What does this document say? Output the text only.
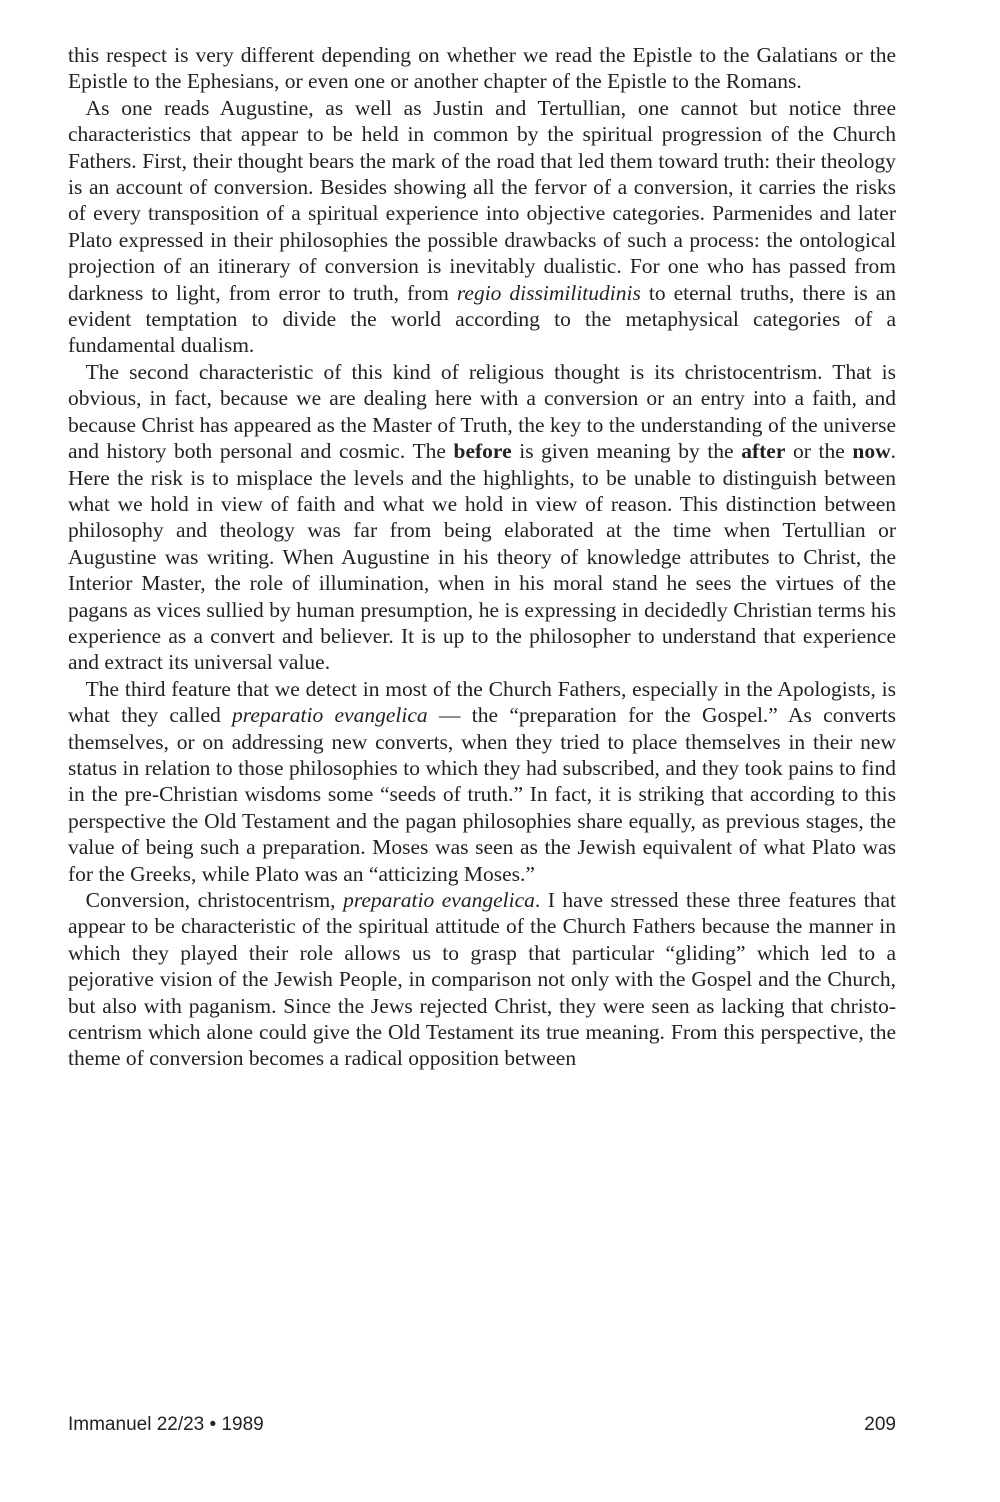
this respect is very different depending on whether we read the Epistle to the Galatians or the Epistle to the Ephesians, or even one or another chapter of the Epistle to the Romans.

As one reads Augustine, as well as Justin and Tertullian, one cannot but notice three characteristics that appear to be held in common by the spiritual progression of the Church Fathers. First, their thought bears the mark of the road that led them toward truth: their theology is an account of conversion. Besides showing all the fervor of a conversion, it carries the risks of every transposition of a spiritual experience into objective categories. Parmenides and later Plato expressed in their philosophies the possible drawbacks of such a process: the ontological projection of an itinerary of conversion is inevitably dualistic. For one who has passed from darkness to light, from error to truth, from regio dissimilitudinis to eternal truths, there is an evident temptation to divide the world according to the metaphysical categories of a fundamental dualism.

The second characteristic of this kind of religious thought is its christocentrism. That is obvious, in fact, because we are dealing here with a conversion or an entry into a faith, and because Christ has appeared as the Master of Truth, the key to the understanding of the universe and history both personal and cosmic. The before is given meaning by the after or the now. Here the risk is to misplace the levels and the highlights, to be unable to distinguish between what we hold in view of faith and what we hold in view of reason. This distinction between philosophy and theology was far from being elaborated at the time when Tertullian or Augustine was writing. When Augustine in his theory of knowledge attributes to Christ, the Interior Master, the role of illumination, when in his moral stand he sees the virtues of the pagans as vices sullied by human presumption, he is expressing in decidedly Christian terms his experience as a convert and believer. It is up to the philosopher to understand that experience and extract its universal value.

The third feature that we detect in most of the Church Fathers, especially in the Apologists, is what they called preparatio evangelica — the “preparation for the Gospel.” As converts themselves, or on addressing new converts, when they tried to place themselves in their new status in relation to those philosophies to which they had subscribed, and they took pains to find in the pre-Christian wisdoms some “seeds of truth.” In fact, it is striking that according to this perspective the Old Testament and the pagan philosophies share equally, as previous stages, the value of being such a preparation. Moses was seen as the Jewish equivalent of what Plato was for the Greeks, while Plato was an “atticizing Moses.”

Conversion, christocentrism, preparatio evangelica. I have stressed these three features that appear to be characteristic of the spiritual attitude of the Church Fathers because the manner in which they played their role allows us to grasp that particular “gliding” which led to a pejorative vision of the Jewish People, in comparison not only with the Gospel and the Church, but also with paganism. Since the Jews rejected Christ, they were seen as lacking that christocentrism which alone could give the Old Testament its true meaning. From this perspective, the theme of conversion becomes a radical opposition between

Immanuel 22/23 • 1989	209
